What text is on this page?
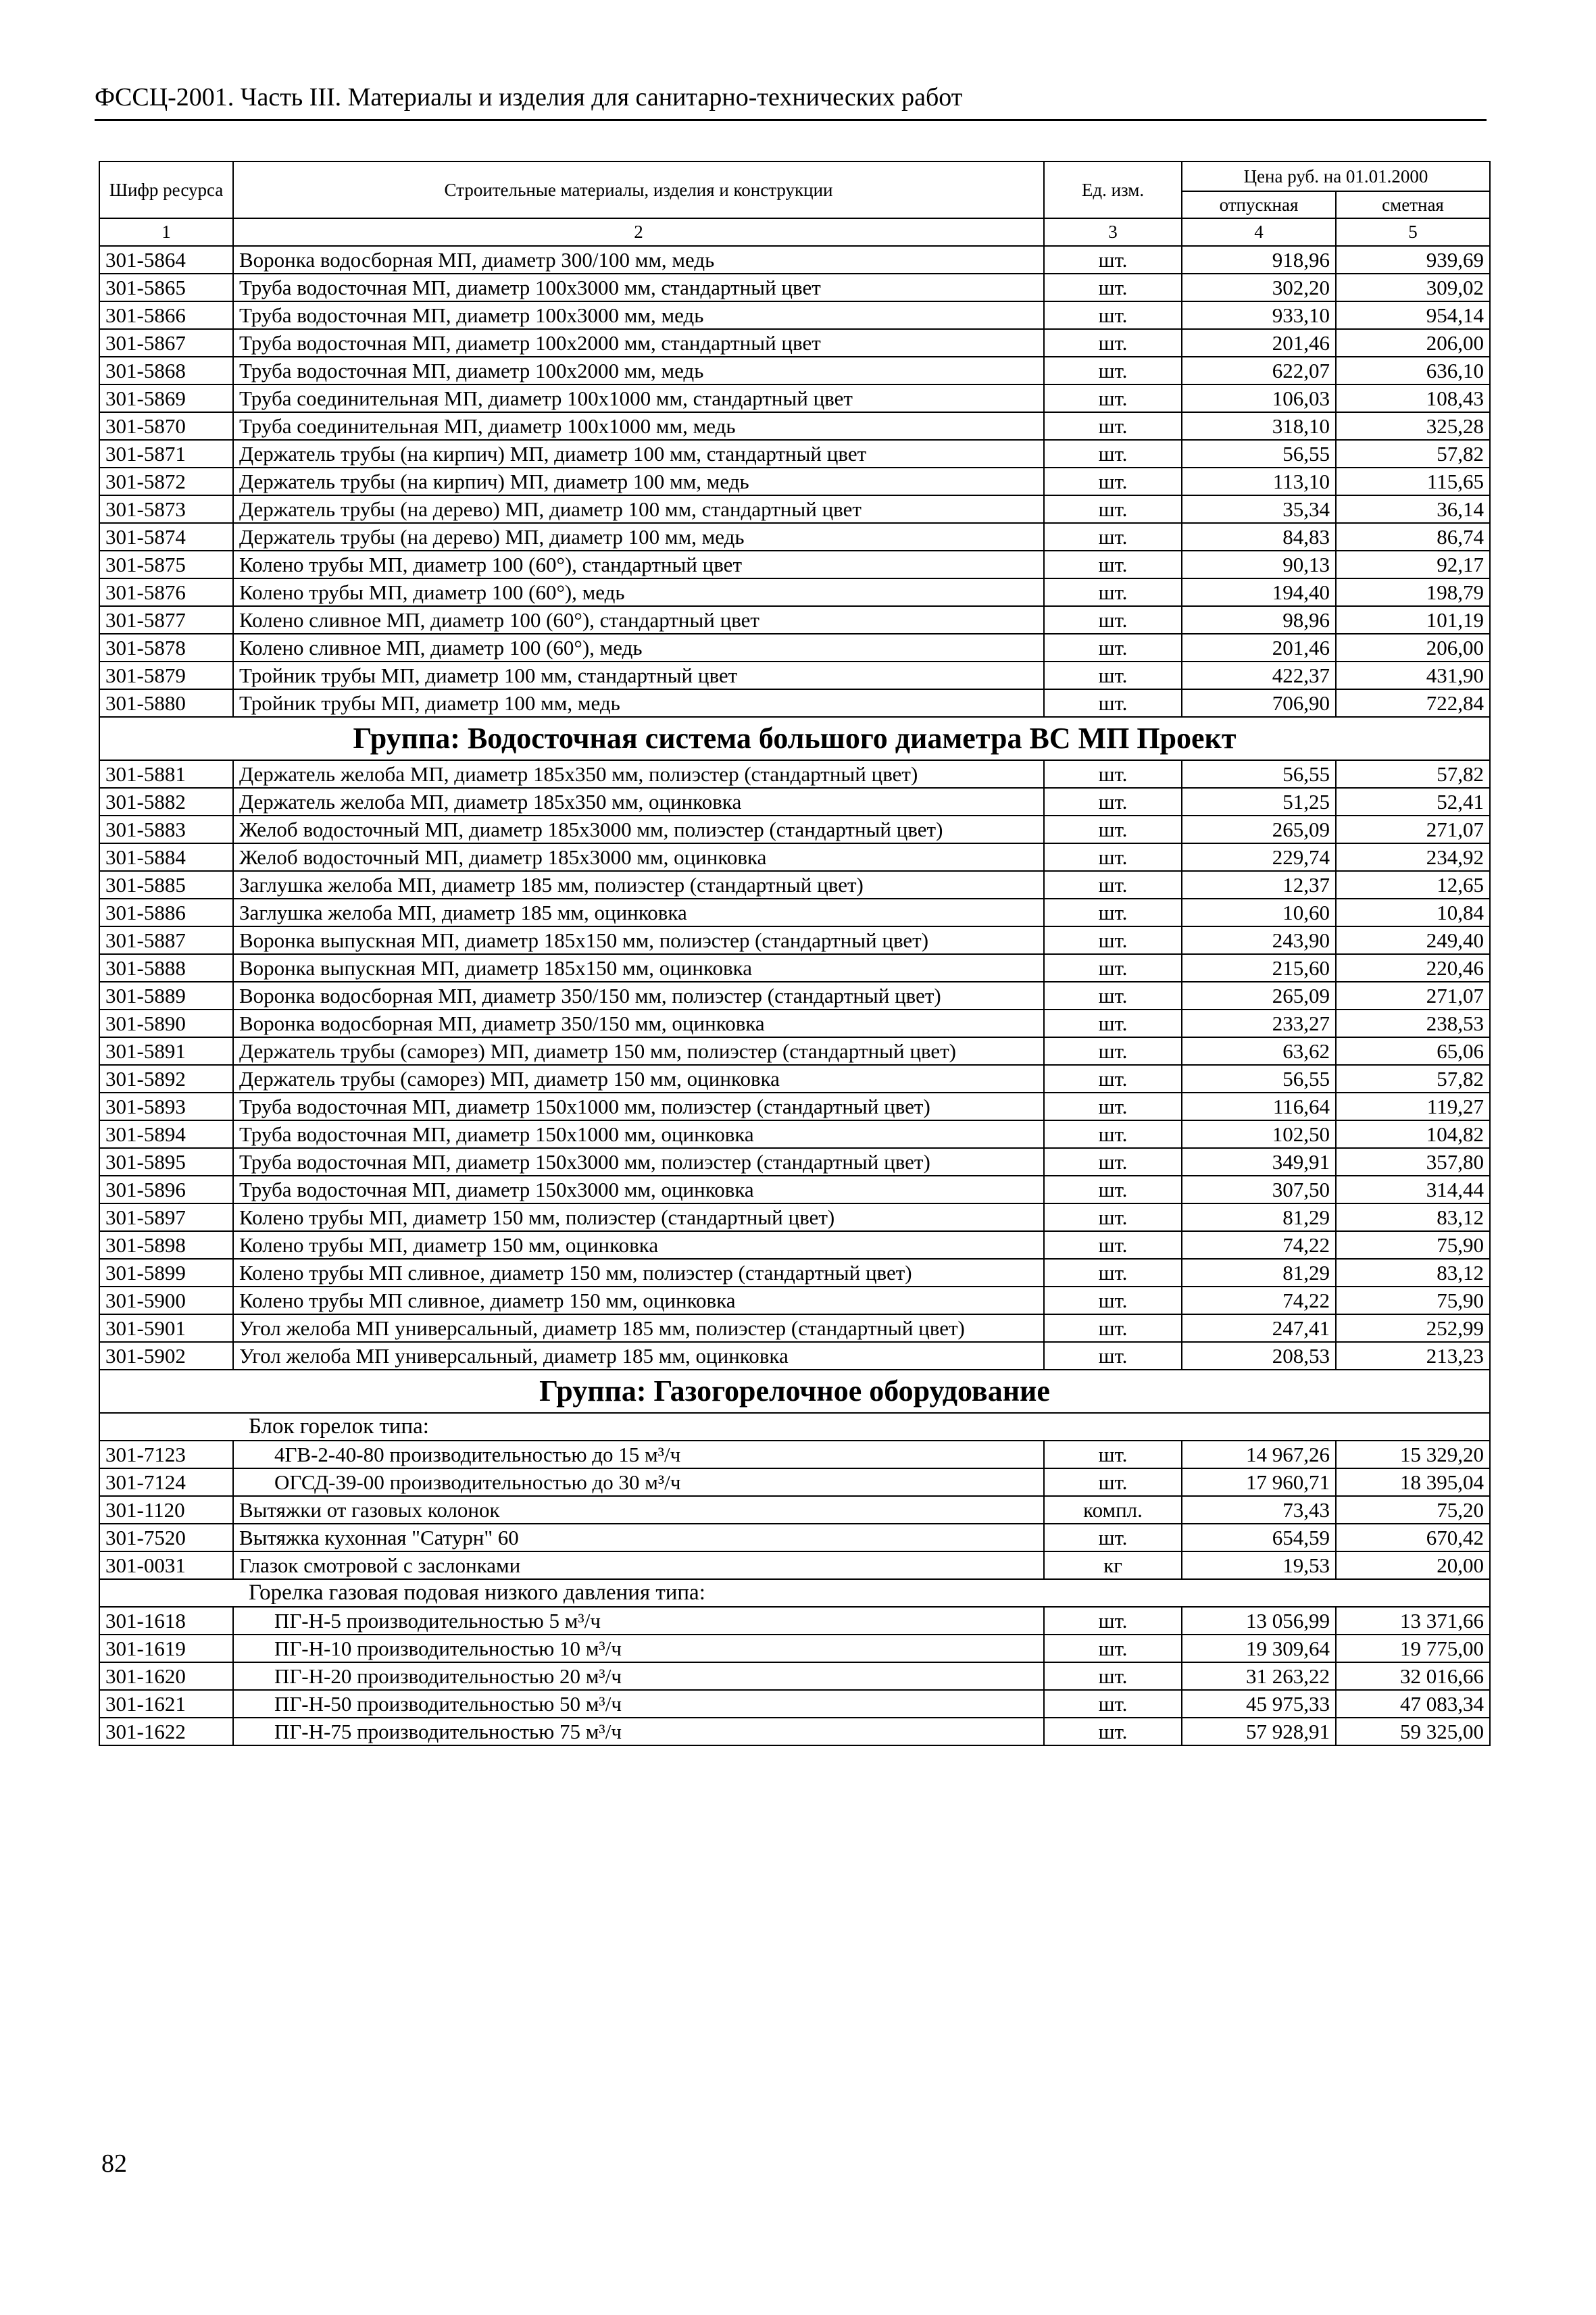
ФССЦ-2001. Часть III. Материалы и изделия для санитарно-технических работ
Шифр ресурса	Строительные материалы, изделия и конструкции	Ед. изм.	Цена руб. на 01.01.2000	
			отпускная	сметная
1	2	3	4	5
301-5864	Воронка водосборная МП, диаметр 300/100 мм, медь	шт.	918,96	939,69
301-5865	Труба водосточная МП, диаметр 100x3000 мм, стандартный цвет	шт.	302,20	309,02
301-5866	Труба водосточная МП, диаметр 100x3000 мм, медь	шт.	933,10	954,14
301-5867	Труба водосточная МП, диаметр 100x2000 мм, стандартный цвет	шт.	201,46	206,00
301-5868	Труба водосточная МП, диаметр 100x2000 мм, медь	шт.	622,07	636,10
301-5869	Труба соединительная МП, диаметр 100x1000 мм, стандартный цвет	шт.	106,03	108,43
301-5870	Труба соединительная МП, диаметр 100x1000 мм, медь	шт.	318,10	325,28
301-5871	Держатель трубы (на кирпич) МП, диаметр 100 мм, стандартный цвет	шт.	56,55	57,82
301-5872	Держатель трубы (на кирпич) МП, диаметр 100 мм, медь	шт.	113,10	115,65
301-5873	Держатель трубы (на дерево) МП, диаметр 100 мм, стандартный цвет	шт.	35,34	36,14
301-5874	Держатель трубы (на дерево) МП, диаметр 100 мм, медь	шт.	84,83	86,74
301-5875	Колено трубы МП, диаметр 100 (60°), стандартный цвет	шт.	90,13	92,17
301-5876	Колено трубы МП, диаметр 100 (60°), медь	шт.	194,40	198,79
301-5877	Колено сливное МП, диаметр 100 (60°), стандартный цвет	шт.	98,96	101,19
301-5878	Колено сливное МП, диаметр 100 (60°), медь	шт.	201,46	206,00
301-5879	Тройник трубы МП, диаметр 100 мм, стандартный цвет	шт.	422,37	431,90
301-5880	Тройник трубы МП, диаметр 100 мм, медь	шт.	706,90	722,84
Группа: Водосточная система большого диаметра ВС МП Проект				
301-5881	Держатель желоба МП, диаметр 185x350 мм, полиэстер (стандартный цвет)	шт.	56,55	57,82
301-5882	Держатель желоба МП, диаметр 185x350 мм, оцинковка	шт.	51,25	52,41
301-5883	Желоб водосточный МП, диаметр 185x3000 мм, полиэстер (стандартный цвет)	шт.	265,09	271,07
301-5884	Желоб водосточный МП, диаметр 185x3000 мм, оцинковка	шт.	229,74	234,92
301-5885	Заглушка желоба МП, диаметр 185 мм, полиэстер (стандартный цвет)	шт.	12,37	12,65
301-5886	Заглушка желоба МП, диаметр 185 мм, оцинковка	шт.	10,60	10,84
301-5887	Воронка выпускная МП, диаметр 185x150 мм, полиэстер (стандартный цвет)	шт.	243,90	249,40
301-5888	Воронка выпускная МП, диаметр 185x150 мм, оцинковка	шт.	215,60	220,46
301-5889	Воронка водосборная МП, диаметр 350/150 мм, полиэстер (стандартный цвет)	шт.	265,09	271,07
301-5890	Воронка водосборная МП, диаметр 350/150 мм, оцинковка	шт.	233,27	238,53
301-5891	Держатель трубы (саморез) МП, диаметр 150 мм, полиэстер (стандартный цвет)	шт.	63,62	65,06
301-5892	Держатель трубы (саморез) МП, диаметр 150 мм, оцинковка	шт.	56,55	57,82
301-5893	Труба водосточная МП, диаметр 150x1000 мм, полиэстер (стандартный цвет)	шт.	116,64	119,27
301-5894	Труба водосточная МП, диаметр 150x1000 мм, оцинковка	шт.	102,50	104,82
301-5895	Труба водосточная МП, диаметр 150x3000 мм, полиэстер (стандартный цвет)	шт.	349,91	357,80
301-5896	Труба водосточная МП, диаметр 150x3000 мм, оцинковка	шт.	307,50	314,44
301-5897	Колено трубы МП, диаметр 150 мм, полиэстер (стандартный цвет)	шт.	81,29	83,12
301-5898	Колено трубы МП, диаметр 150 мм, оцинковка	шт.	74,22	75,90
301-5899	Колено трубы МП сливное, диаметр 150 мм, полиэстер (стандартный цвет)	шт.	81,29	83,12
301-5900	Колено трубы МП сливное, диаметр 150 мм, оцинковка	шт.	74,22	75,90
301-5901	Угол желоба МП универсальный, диаметр 185 мм, полиэстер (стандартный цвет)	шт.	247,41	252,99
301-5902	Угол желоба МП универсальный, диаметр 185 мм, оцинковка	шт.	208,53	213,23
Группа: Газогорелочное оборудование				
Блок горелок типа:				
301-7123	4ГВ-2-40-80 производительностью до 15 м³/ч	шт.	14 967,26	15 329,20
301-7124	ОГСД-39-00 производительностью до 30 м³/ч	шт.	17 960,71	18 395,04
301-1120	Вытяжки от газовых колонок	компл.	73,43	75,20
301-7520	Вытяжка кухонная "Сатурн" 60	шт.	654,59	670,42
301-0031	Глазок смотровой с заслонками	кг	19,53	20,00
Горелка газовая подовая низкого давления типа:				
301-1618	ПГ-Н-5 производительностью 5 м³/ч	шт.	13 056,99	13 371,66
301-1619	ПГ-Н-10 производительностью 10 м³/ч	шт.	19 309,64	19 775,00
301-1620	ПГ-Н-20 производительностью 20 м³/ч	шт.	31 263,22	32 016,66
301-1621	ПГ-Н-50 производительностью 50 м³/ч	шт.	45 975,33	47 083,34
301-1622	ПГ-Н-75 производительностью 75 м³/ч	шт.	57 928,91	59 325,00
82
